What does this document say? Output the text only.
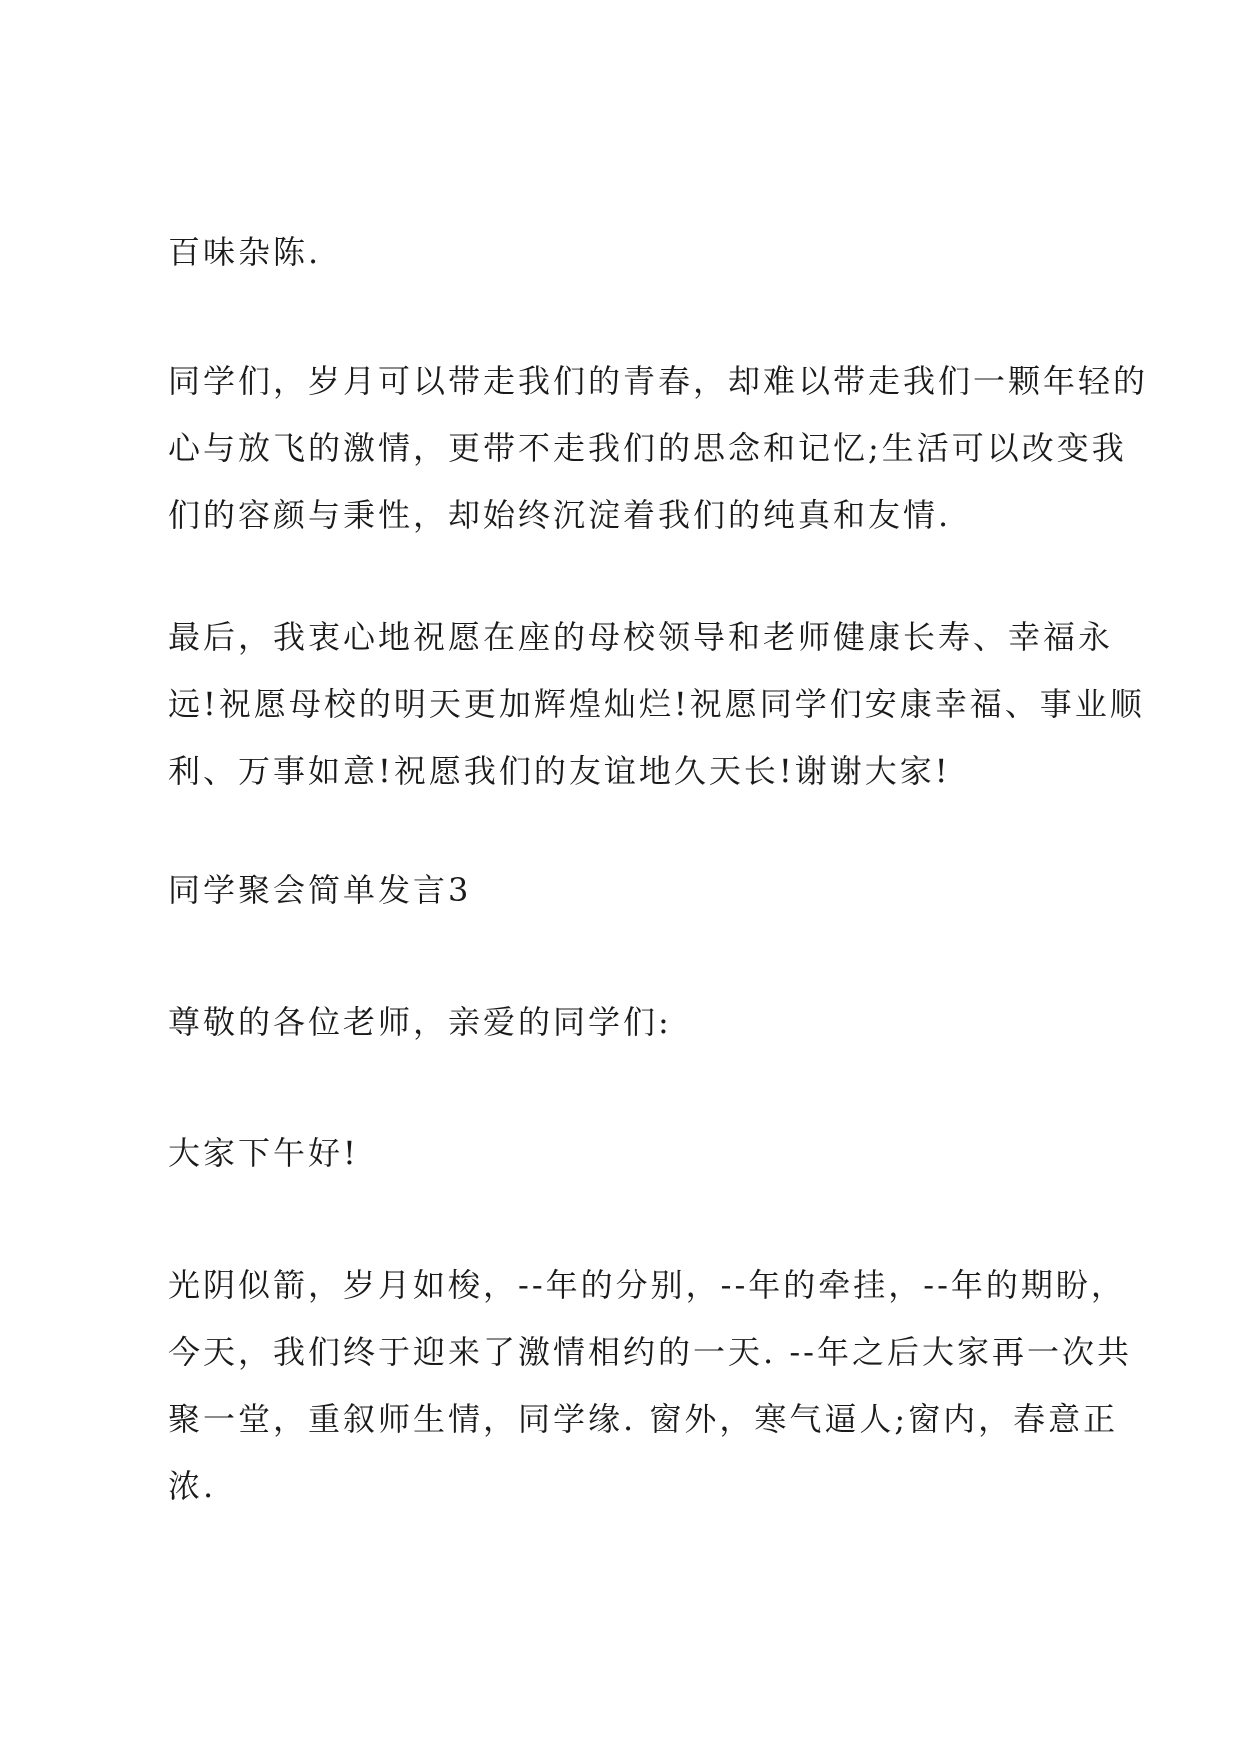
百味杂陈.
同学们，岁月可以带走我们的青春，却难以带走我们一颗年轻的
心与放飞的激情，更带不走我们的思念和记忆;生活可以改变我
们的容颜与秉性，却始终沉淀着我们的纯真和友情.
最后，我衷心地祝愿在座的母校领导和老师健康长寿、幸福永
远!祝愿母校的明天更加辉煌灿烂!祝愿同学们安康幸福、事业顺
利、万事如意!祝愿我们的友谊地久天长!谢谢大家!
同学聚会简单发言3
尊敬的各位老师，亲爱的同学们:
大家下午好!
光阴似箭，岁月如梭，--年的分别，--年的牵挂，--年的期盼，
今天，我们终于迎来了激情相约的一天. --年之后大家再一次共
聚一堂，重叙师生情，同学缘. 窗外，寒气逼人;窗内，春意正
浓.
